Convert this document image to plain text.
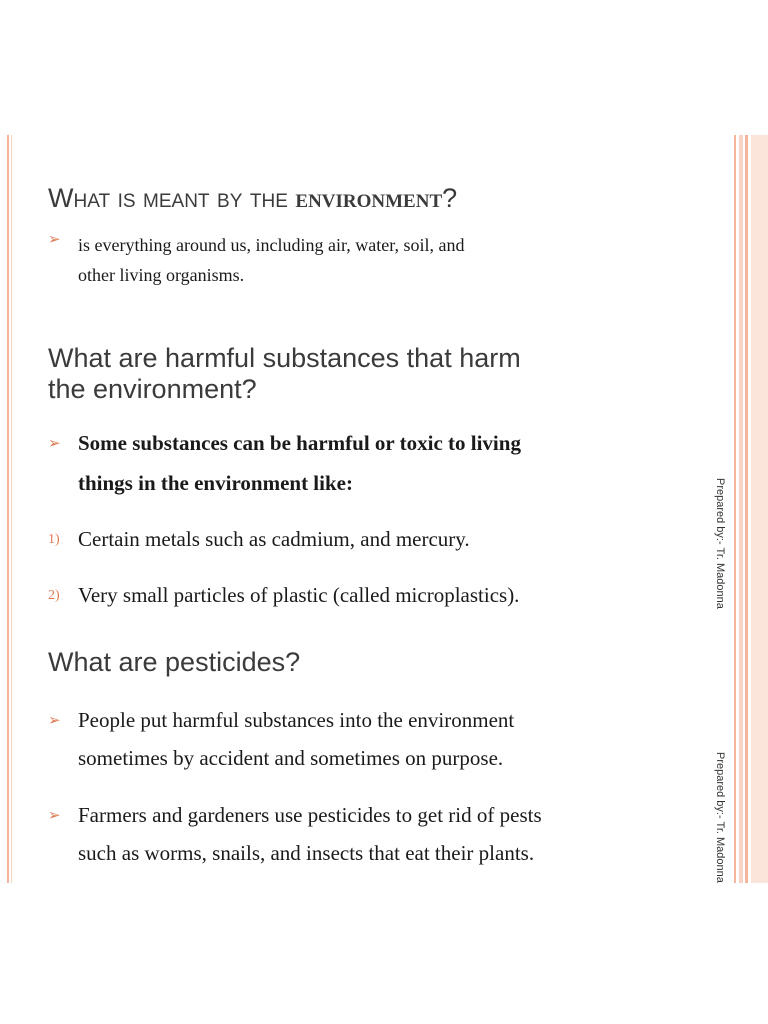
What is meant by the environment?
➢ is everything around us, including air, water, soil, and
other living organisms.
What are harmful substances that harm
the environment?
➢ Some substances can be harmful or toxic to living
things in the environment like:
1) Certain metals such as cadmium, and mercury.
2) Very small particles of plastic (called microplastics).
What are pesticides?
➢ People put harmful substances into the environment
sometimes by accident and sometimes on purpose.
➢ Farmers and gardeners use pesticides to get rid of pests
such as worms, snails, and insects that eat their plants.
Prepared by:- Tr. Madonna
Prepared by:- Tr. Madonna
